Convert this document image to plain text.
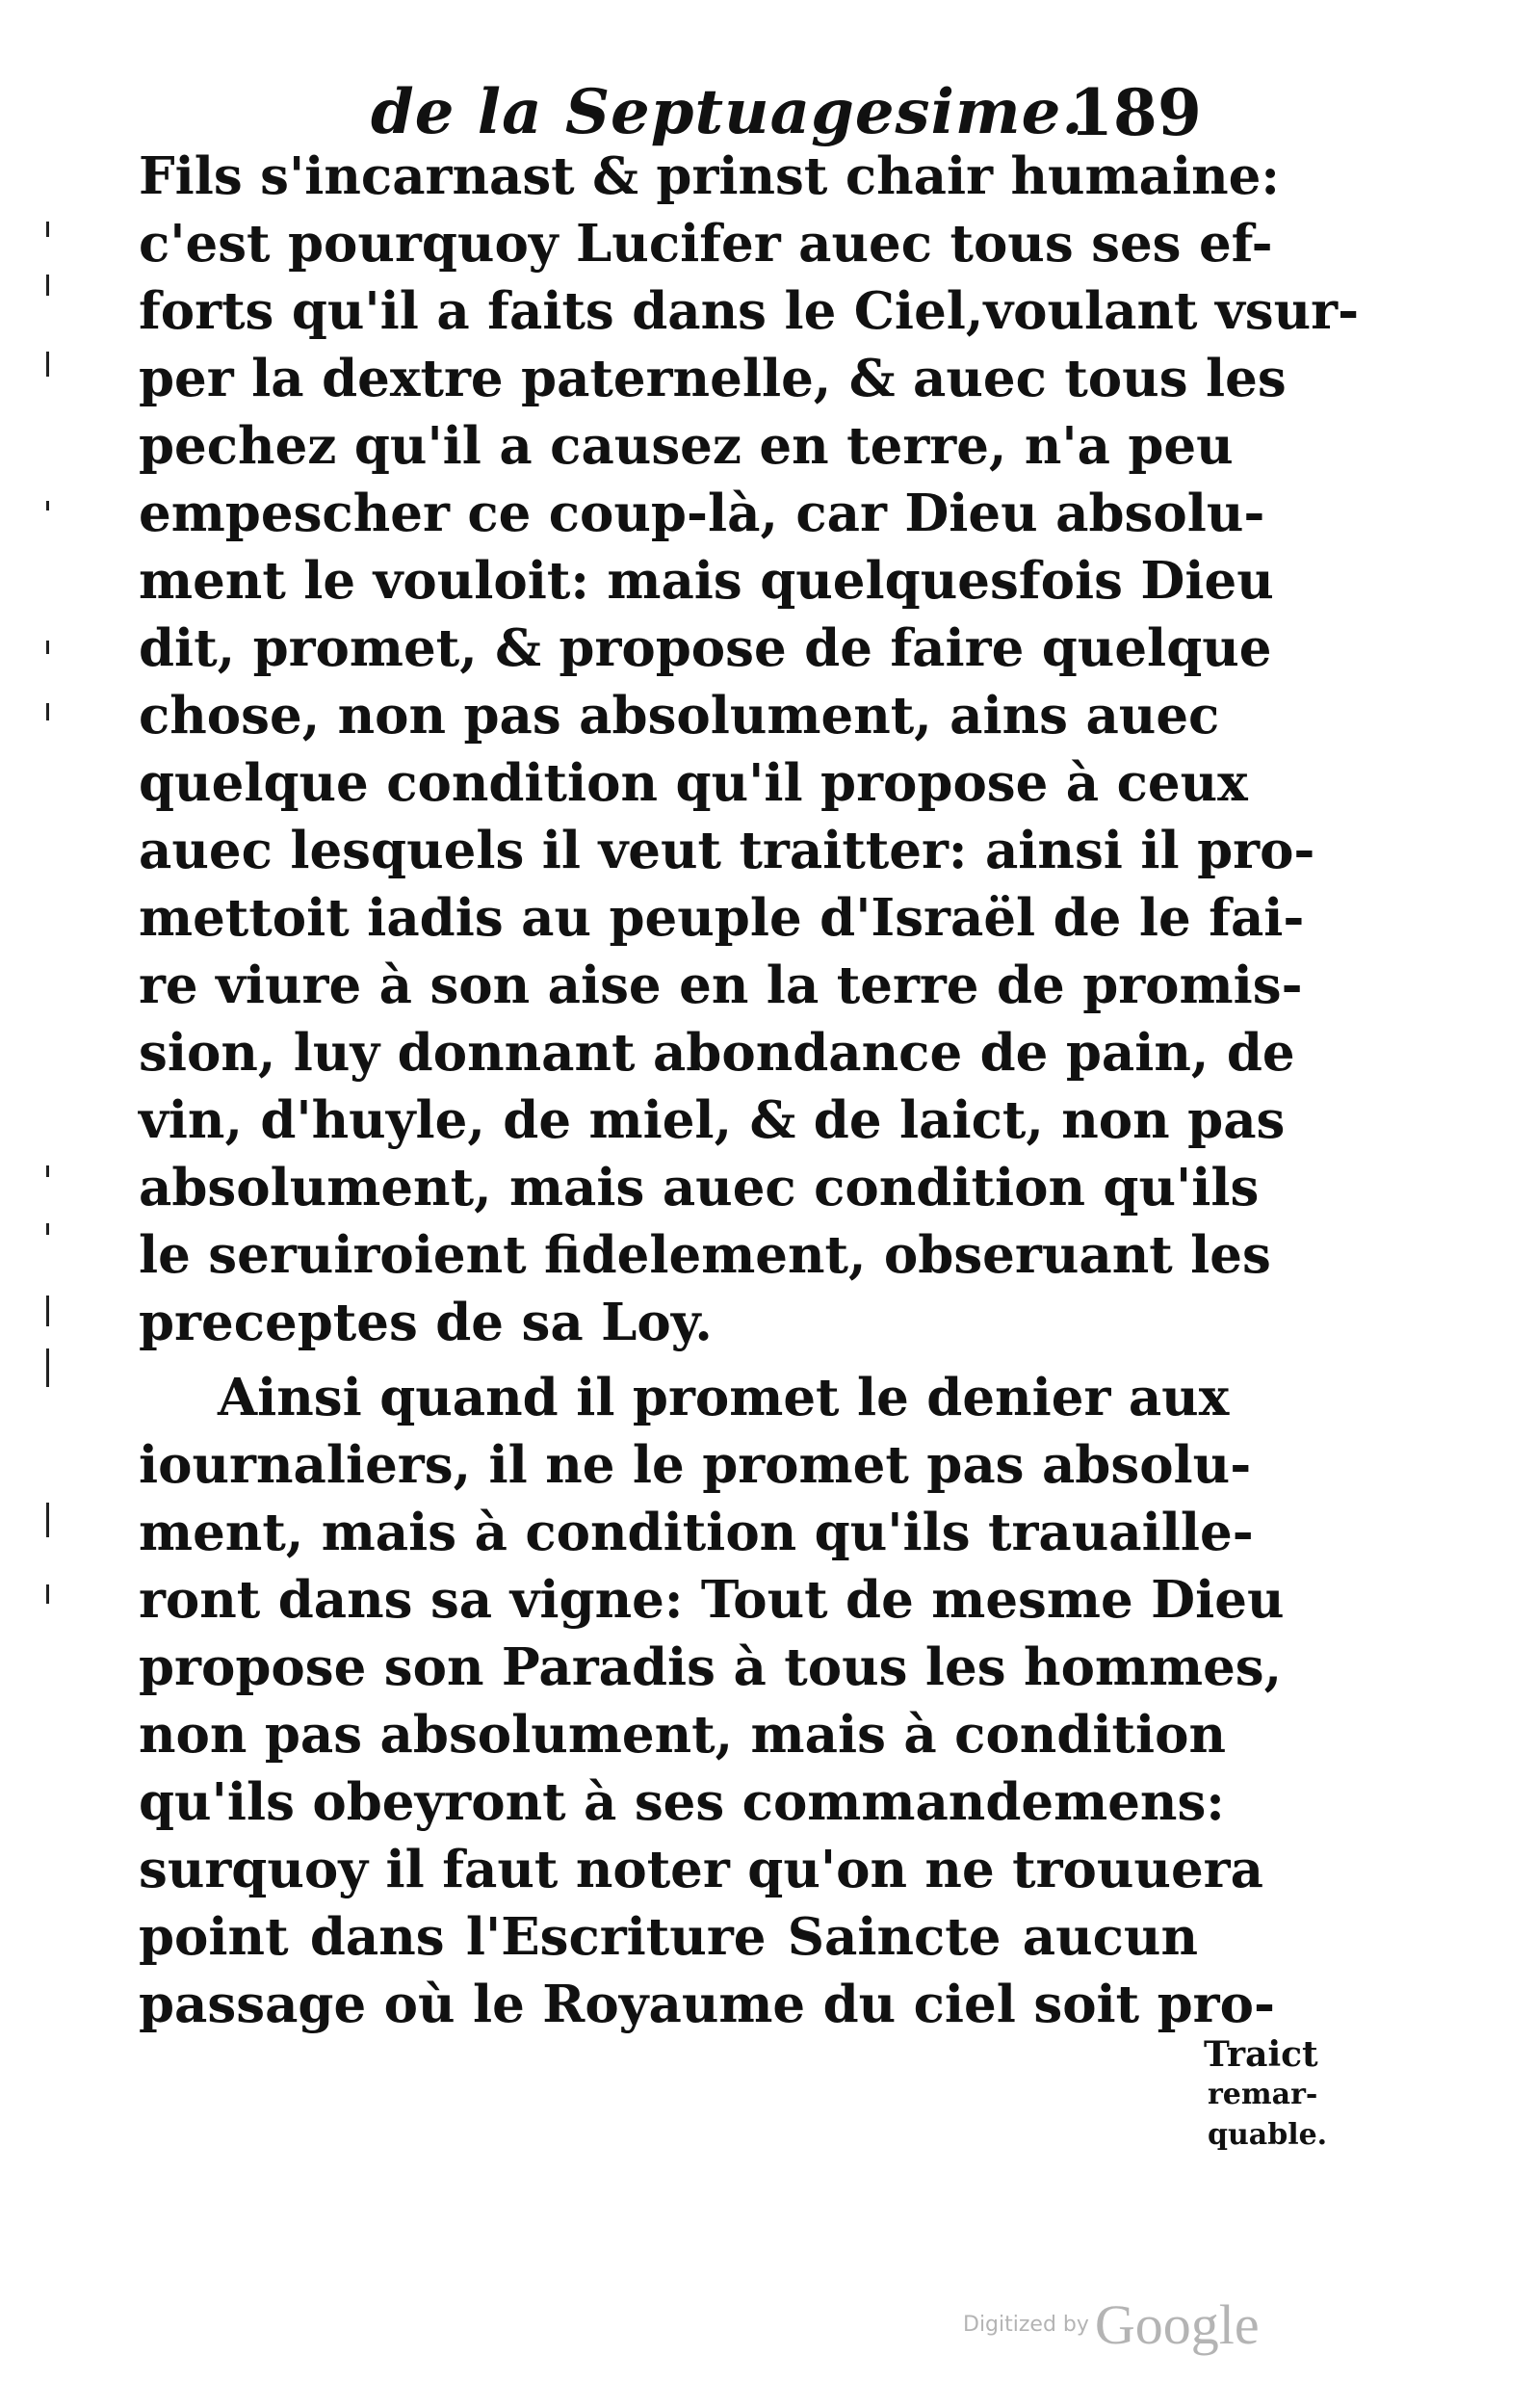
de la Septuagesime.
189
Fils s'incarnast & prinst chair humaine:
c'est pourquoy Lucifer auec tous ses ef-
forts qu'il a faits dans le Ciel,voulant vsur-
per la dextre paternelle, & auec tous les
pechez qu'il a causez en terre, n'a peu
empescher ce coup-là, car Dieu absolu-
ment le vouloit: mais quelquesfois Dieu
dit, promet, & propose de faire quelque
chose, non pas absolument, ains auec
quelque condition qu'il propose à ceux
auec lesquels il veut traitter: ainsi il pro-
mettoit iadis au peuple d'Israël de le fai-
re viure à son aise en la terre de promis-
sion, luy donnant abondance de pain, de
vin, d'huyle, de miel, & de laict, non pas
absolument, mais auec condition qu'ils
le seruiroient fidelement, obseruant les
preceptes de sa Loy.
Ainsi quand il promet le denier aux
iournaliers, il ne le promet pas absolu-
ment, mais à condition qu'ils trauaille-
ront dans sa vigne: Tout de mesme Dieu
propose son Paradis à tous les hommes,
non pas absolument, mais à condition
qu'ils obeyront à ses commandemens:
surquoy il faut noter qu'on ne trouuera
point dans l'Escriture Saincte aucun
passage où le Royaume du ciel soit pro-
Traict
remar-
quable.
Digitized by Google
